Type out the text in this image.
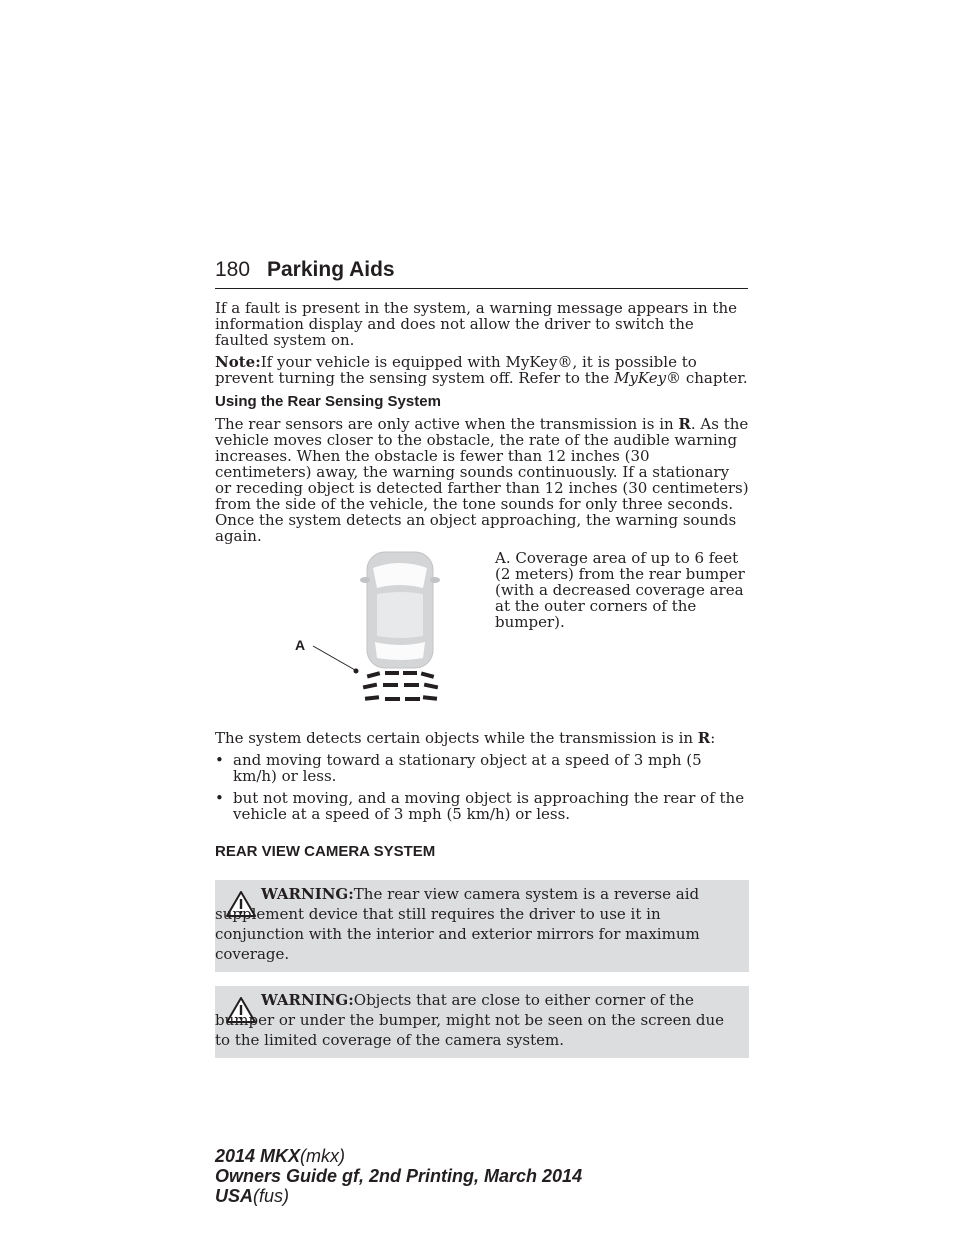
180 Parking Aids

If a fault is present in the system, a warning message appears in the information display and does not allow the driver to switch the faulted system on.

Note:If your vehicle is equipped with MyKey®, it is possible to prevent turning the sensing system off. Refer to the MyKey® chapter.

Using the Rear Sensing System

The rear sensors are only active when the transmission is in R. As the vehicle moves closer to the obstacle, the rate of the audible warning increases. When the obstacle is fewer than 12 inches (30 centimeters) away, the warning sounds continuously. If a stationary or receding object is detected farther than 12 inches (30 centimeters) from the side of the vehicle, the tone sounds for only three seconds. Once the system detects an object approaching, the warning sounds again.

A

A. Coverage area of up to 6 feet (2 meters) from the rear bumper (with a decreased coverage area at the outer corners of the bumper).

The system detects certain objects while the transmission is in R:

• and moving toward a stationary object at a speed of 3 mph (5 km/h) or less.
• but not moving, and a moving object is approaching the rear of the vehicle at a speed of 3 mph (5 km/h) or less.
REAR VIEW CAMERA SYSTEM

WARNING:The rear view camera system is a reverse aid supplement device that still requires the driver to use it in conjunction with the interior and exterior mirrors for maximum coverage.

WARNING:Objects that are close to either corner of the bumper or under the bumper, might not be seen on the screen due to the limited coverage of the camera system.

2014 MKX(mkx)
Owners Guide gf, 2nd Printing, March 2014
USA(fus)
